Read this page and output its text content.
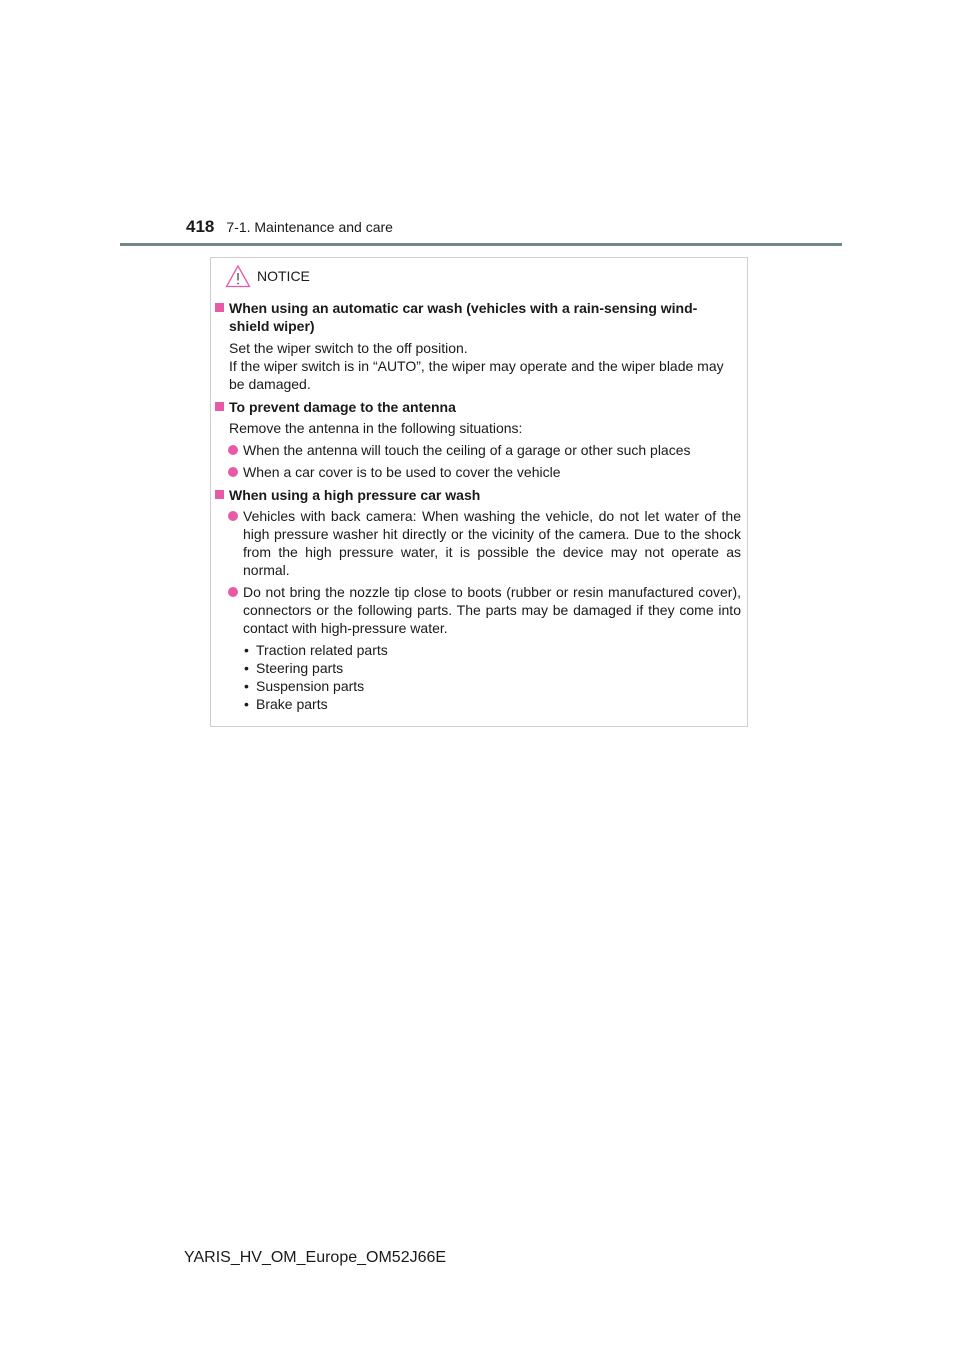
418 7-1. Maintenance and care
NOTICE
When using an automatic car wash (vehicles with a rain-sensing wind-
shield wiper)
Set the wiper switch to the off position.
If the wiper switch is in “AUTO”, the wiper may operate and the wiper blade may be damaged.
To prevent damage to the antenna
Remove the antenna in the following situations:
When the antenna will touch the ceiling of a garage or other such places
When a car cover is to be used to cover the vehicle
When using a high pressure car wash
Vehicles with back camera: When washing the vehicle, do not let water of the high pressure washer hit directly or the vicinity of the camera. Due to the shock from the high pressure water, it is possible the device may not operate as normal.
Do not bring the nozzle tip close to boots (rubber or resin manufactured cover), connectors or the following parts. The parts may be damaged if they come into contact with high-pressure water.
• Traction related parts
• Steering parts
• Suspension parts
• Brake parts
YARIS_HV_OM_Europe_OM52J66E
